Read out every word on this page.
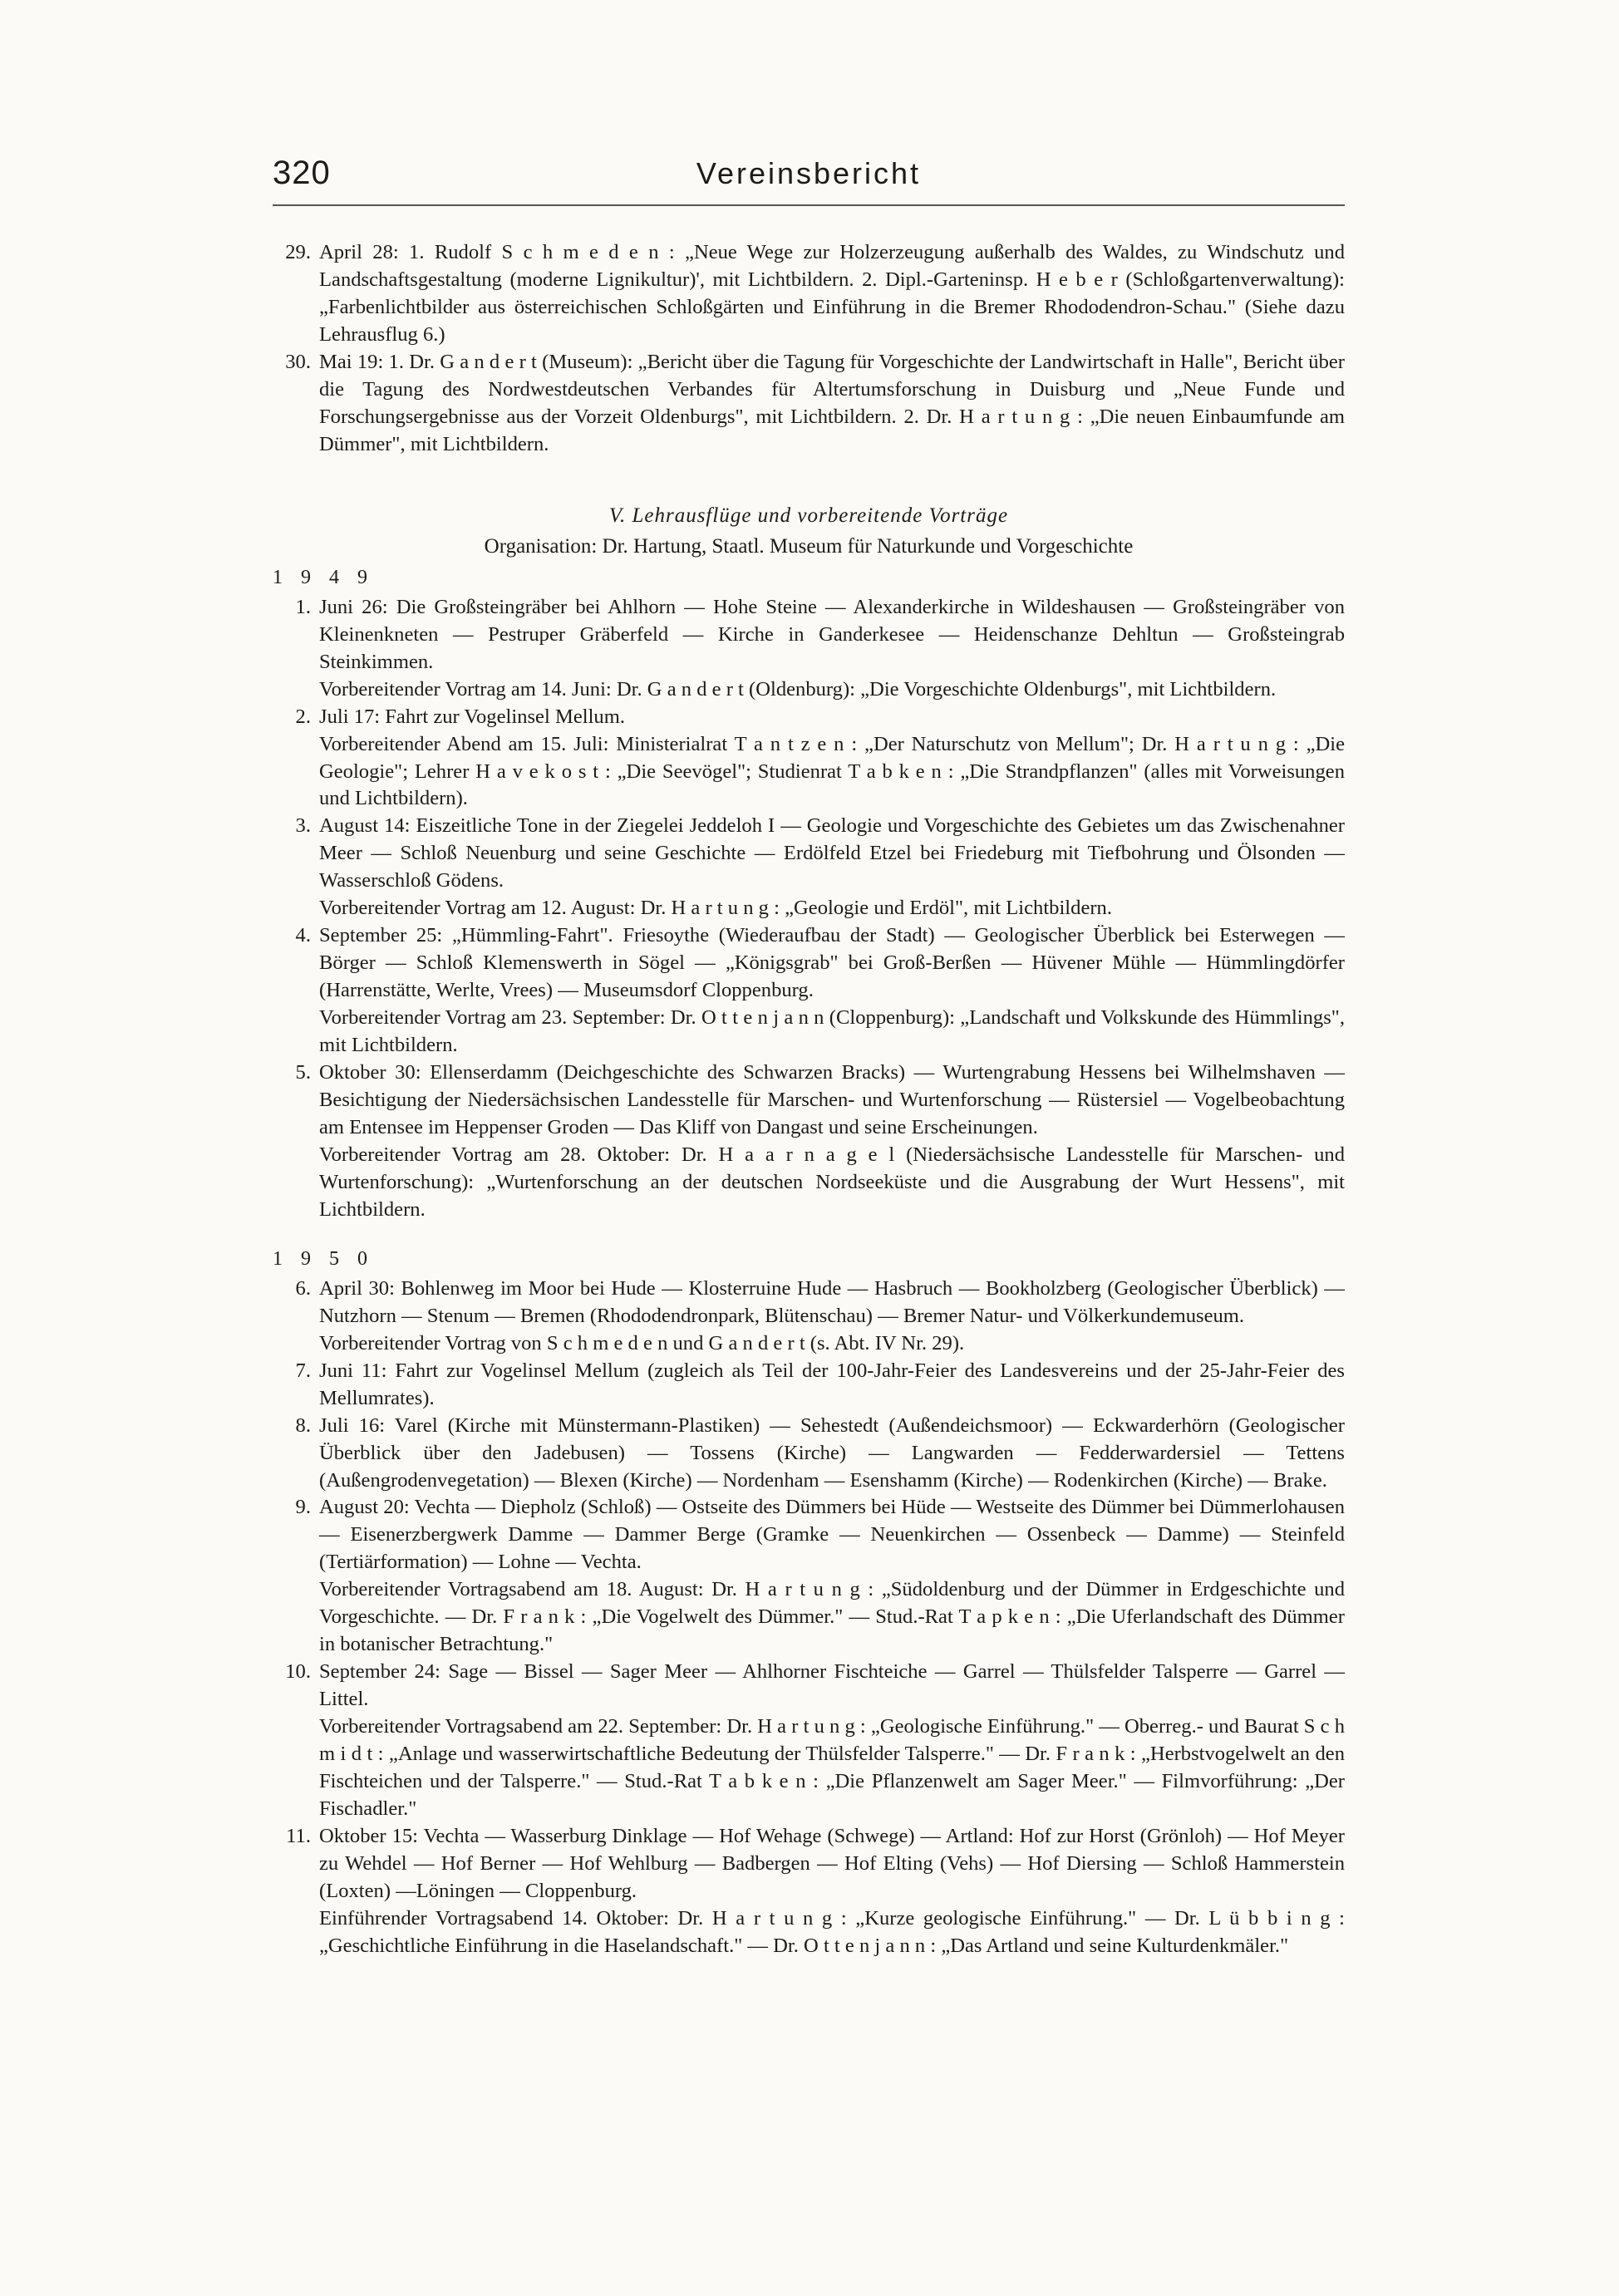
320	Vereinsbericht
29. April 28: 1. Rudolf S c h m e d e n : „Neue Wege zur Holzerzeugung außerhalb des Waldes, zu Windschutz und Landschaftsgestaltung (moderne Lignikultur)', mit Lichtbildern. 2. Dipl.-Garteninsp. H e b e r (Schloßgartenverwaltung): „Farbenlichtbilder aus österreichischen Schloßgärten und Einführung in die Bremer Rhododendron-Schau." (Siehe dazu Lehrausflug 6.)
30. Mai 19: 1. Dr. G a n d e r t (Museum): „Bericht über die Tagung für Vorgeschichte der Landwirtschaft in Halle", Bericht über die Tagung des Nordwestdeutschen Verbandes für Altertumsforschung in Duisburg und „Neue Funde und Forschungsergebnisse aus der Vorzeit Oldenburgs", mit Lichtbildern. 2. Dr. H a r t u n g : „Die neuen Einbaumfunde am Dümmer", mit Lichtbildern.
V. Lehrausflüge und vorbereitende Vorträge
Organisation: Dr. Hartung, Staatl. Museum für Naturkunde und Vorgeschichte
1 9 4 9
1. Juni 26: Die Großsteingräber bei Ahlhorn — Hohe Steine — Alexanderkirche in Wildeshausen — Großsteingräber von Kleinenkneten — Pestruper Gräberfeld — Kirche in Ganderkesee — Heidenschanze Dehltun — Großsteingrab Steinkimmen.
Vorbereitender Vortrag am 14. Juni: Dr. G a n d e r t (Oldenburg): „Die Vorgeschichte Oldenburgs", mit Lichtbildern.
2. Juli 17: Fahrt zur Vogelinsel Mellum.
Vorbereitender Abend am 15. Juli: Ministerialrat T a n t z e n : „Der Naturschutz von Mellum"; Dr. H a r t u n g : „Die Geologie"; Lehrer H a v e k o s t : „Die Seevögel"; Studienrat T a b k e n : „Die Strandpflanzen" (alles mit Vorweisungen und Lichtbildern).
3. August 14: Eiszeitliche Tone in der Ziegelei Jeddeloh I — Geologie und Vorgeschichte des Gebietes um das Zwischenahner Meer — Schloß Neuenburg und seine Geschichte — Erdölfeld Etzel bei Friedeburg mit Tiefbohrung und Ölsonden — Wasserschloß Gödens.
Vorbereitender Vortrag am 12. August: Dr. H a r t u n g : „Geologie und Erdöl", mit Lichtbildern.
4. September 25: „Hümmling-Fahrt". Friesoythe (Wiederaufbau der Stadt) — Geologischer Überblick bei Esterwegen — Börger — Schloß Klemenswerth in Sögel — „Königsgrab" bei Groß-Berßen — Hüvener Mühle — Hümmlingdörfer (Harrenstätte, Werlte, Vrees) — Museumsdorf Cloppenburg.
Vorbereitender Vortrag am 23. September: Dr. O t t e n j a n n (Cloppenburg): „Landschaft und Volkskunde des Hümmlings", mit Lichtbildern.
5. Oktober 30: Ellenserdamm (Deichgeschichte des Schwarzen Bracks) — Wurtengrabung Hessens bei Wilhelmshaven — Besichtigung der Niedersächsischen Landesstelle für Marschen- und Wurtenforschung — Rüstersiel — Vogelbeobachtung am Entensee im Heppenser Groden — Das Kliff von Dangast und seine Erscheinungen.
Vorbereitender Vortrag am 28. Oktober: Dr. H a a r n a g e l (Niedersächsische Landesstelle für Marschen- und Wurtenforschung): „Wurtenforschung an der deutschen Nordseeküste und die Ausgrabung der Wurt Hessens", mit Lichtbildern.
1 9 5 0
6. April 30: Bohlenweg im Moor bei Hude — Klosterruine Hude — Hasbruch — Bookholzberg (Geologischer Überblick) — Nutzhorn — Stenum — Bremen (Rhododendronpark, Blütenschau) — Bremer Natur- und Völkerkundemuseum.
Vorbereitender Vortrag von S c h m e d e n und G a n d e r t (s. Abt. IV Nr. 29).
7. Juni 11: Fahrt zur Vogelinsel Mellum (zugleich als Teil der 100-Jahr-Feier des Landesvereins und der 25-Jahr-Feier des Mellumrates).
8. Juli 16: Varel (Kirche mit Münstermann-Plastiken) — Sehestedt (Außendeichsmoor) — Eckwarderhörn (Geologischer Überblick über den Jadebusen) — Tossens (Kirche) — Langwarden — Fedderwardersiel — Tettens (Außengrodenvegetation) — Blexen (Kirche) — Nordenham — Esenshamm (Kirche) — Rodenkirchen (Kirche) — Brake.
9. August 20: Vechta — Diepholz (Schloß) — Ostseite des Dümmers bei Hüde — Westseite des Dümmer bei Dümmerlohausen — Eisenerzbergwerk Damme — Dammer Berge (Gramke — Neuenkirchen — Ossenbeck — Damme) — Steinfeld (Tertiärformation) — Lohne — Vechta.
Vorbereitender Vortragsabend am 18. August: Dr. H a r t u n g : „Südoldenburg und der Dümmer in Erdgeschichte und Vorgeschichte. — Dr. F r a n k : „Die Vogelwelt des Dümmer." — Stud.-Rat T a p k e n : „Die Uferlandschaft des Dümmer in botanischer Betrachtung."
10. September 24: Sage — Bissel — Sager Meer — Ahlhorner Fischteiche — Garrel — Thülsfelder Talsperre — Garrel — Littel.
Vorbereitender Vortragsabend am 22. September: Dr. H a r t u n g : „Geologische Einführung." — Oberreg.- und Baurat S c h m i d t : „Anlage und wasserwirtschaftliche Bedeutung der Thülsfelder Talsperre." — Dr. F r a n k : „Herbstvogelwelt an den Fischteichen und der Talsperre." — Stud.-Rat T a b k e n : „Die Pflanzenwelt am Sager Meer." — Filmvorführung: „Der Fischadler."
11. Oktober 15: Vechta — Wasserburg Dinklage — Hof Wehage (Schwege) — Artland: Hof zur Horst (Grönloh) — Hof Meyer zu Wehdel — Hof Berner — Hof Wehlburg — Badbergen — Hof Elting (Vehs) — Hof Diersing — Schloß Hammerstein (Loxten) —Löningen — Cloppenburg.
Einführender Vortragsabend 14. Oktober: Dr. H a r t u n g : „Kurze geologische Einführung." — Dr. L ü b b i n g : „Geschichtliche Einführung in die Haselandschaft." — Dr. O t t e n j a n n : „Das Artland und seine Kulturdenkmäler."
